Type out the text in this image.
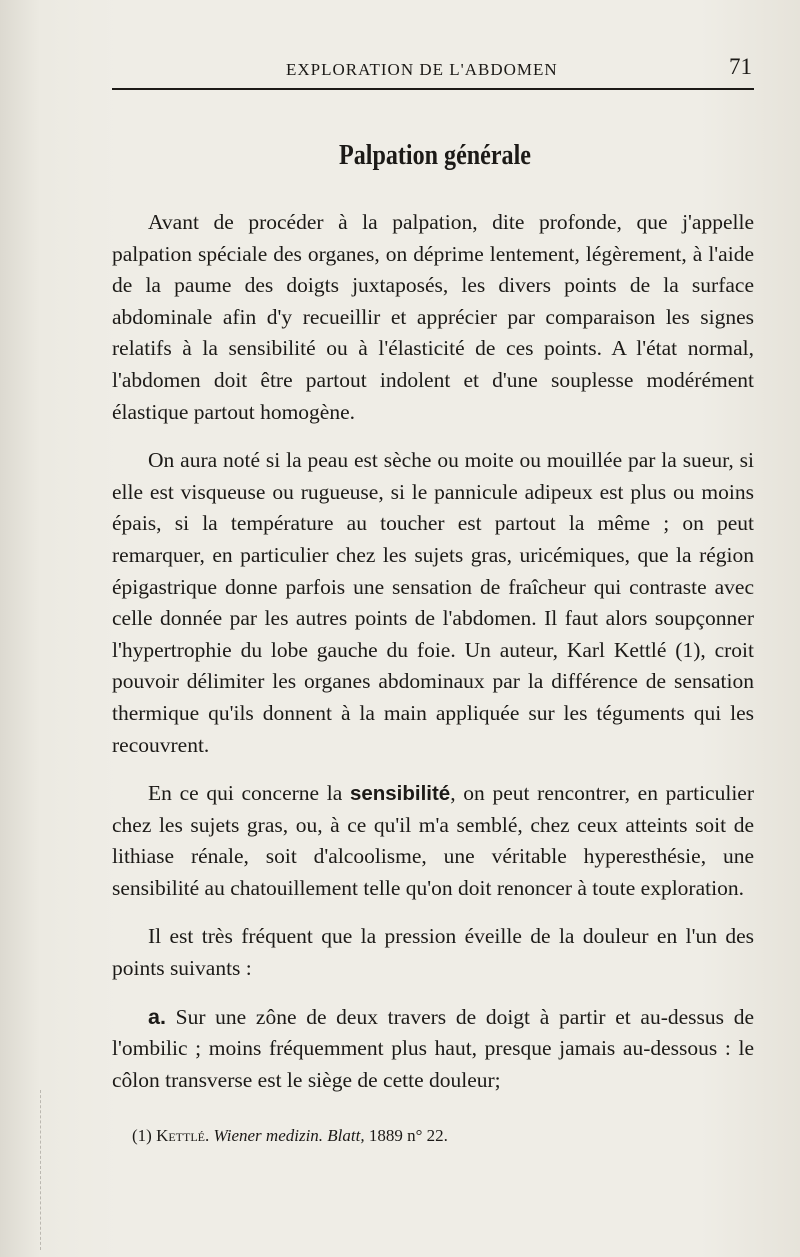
EXPLORATION DE L'ABDOMEN	71
Palpation générale

Avant de procéder à la palpation, dite profonde, que j'appelle palpation spéciale des organes, on déprime lentement, légèrement, à l'aide de la paume des doigts juxtaposés, les divers points de la surface abdominale afin d'y recueillir et apprécier par comparaison les signes relatifs à la sensibilité ou à l'élasticité de ces points. A l'état normal, l'abdomen doit être partout indolent et d'une souplesse modérément élastique partout homogène.

On aura noté si la peau est sèche ou moite ou mouillée par la sueur, si elle est visqueuse ou rugueuse, si le pannicule adipeux est plus ou moins épais, si la température au toucher est partout la même ; on peut remarquer, en particulier chez les sujets gras, uricémiques, que la région épigastrique donne parfois une sensation de fraîcheur qui contraste avec celle donnée par les autres points de l'abdomen. Il faut alors soupçonner l'hypertrophie du lobe gauche du foie. Un auteur, Karl Kettlé (1), croit pouvoir délimiter les organes abdominaux par la différence de sensation thermique qu'ils donnent à la main appliquée sur les téguments qui les recouvrent.

En ce qui concerne la sensibilité, on peut rencontrer, en particulier chez les sujets gras, ou, à ce qu'il m'a semblé, chez ceux atteints soit de lithiase rénale, soit d'alcoolisme, une véritable hyperesthésie, une sensibilité au chatouillement telle qu'on doit renoncer à toute exploration.

Il est très fréquent que la pression éveille de la douleur en l'un des points suivants :

a. Sur une zône de deux travers de doigt à partir et au-dessus de l'ombilic ; moins fréquemment plus haut, presque jamais au-dessous : le côlon transverse est le siège de cette douleur;

(1) Kettlé. Wiener medizin. Blatt, 1889 n° 22.
